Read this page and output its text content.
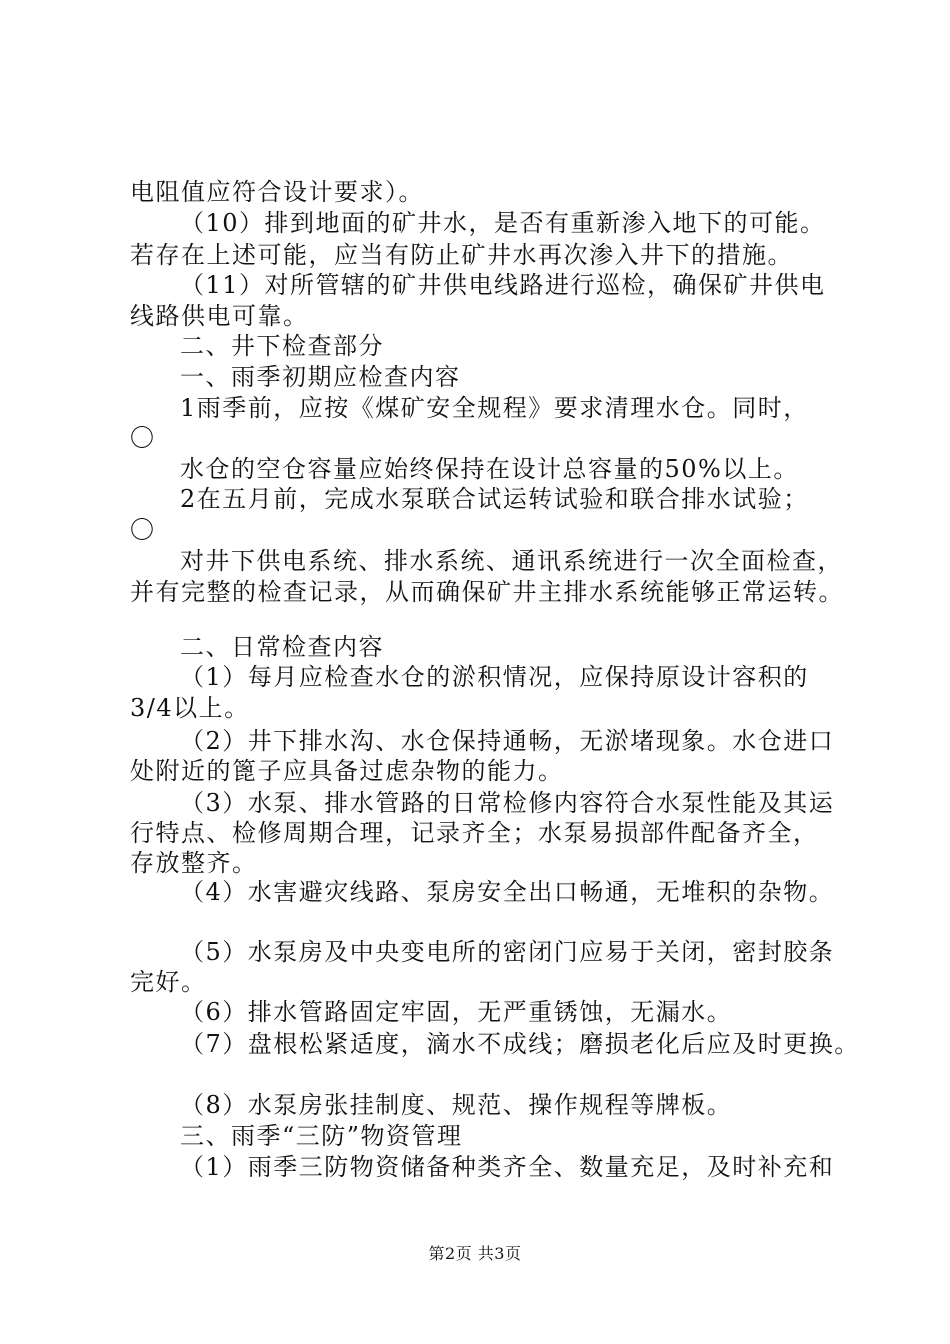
电阻值应符合设计要求）。
（10）排到地面的矿井水，是否有重新渗入地下的可能。
若存在上述可能，应当有防止矿井水再次渗入井下的措施。
（11）对所管辖的矿井供电线路进行巡检，确保矿井供电
线路供电可靠。
二、井下检查部分
一、雨季初期应检查内容
1雨季前，应按《煤矿安全规程》要求清理水仓。同时，
〇
水仓的空仓容量应始终保持在设计总容量的50%以上。
2在五月前，完成水泵联合试运转试验和联合排水试验；
〇
对井下供电系统、排水系统、通讯系统进行一次全面检查，
并有完整的检查记录，从而确保矿井主排水系统能够正常运转。
二、日常检查内容
（1）每月应检查水仓的淤积情况，应保持原设计容积的
3/4以上。
（2）井下排水沟、水仓保持通畅，无淤堵现象。水仓进口
处附近的篦子应具备过虑杂物的能力。
（3）水泵、排水管路的日常检修内容符合水泵性能及其运
行特点、检修周期合理，记录齐全；水泵易损部件配备齐全，
存放整齐。
（4）水害避灾线路、泵房安全出口畅通，无堆积的杂物。
（5）水泵房及中央变电所的密闭门应易于关闭，密封胶条
完好。
（6）排水管路固定牢固，无严重锈蚀，无漏水。
（7）盘根松紧适度，滴水不成线；磨损老化后应及时更换。
（8）水泵房张挂制度、规范、操作规程等牌板。
三、雨季“三防”物资管理
（1）雨季三防物资储备种类齐全、数量充足，及时补充和
第2页 共3页
